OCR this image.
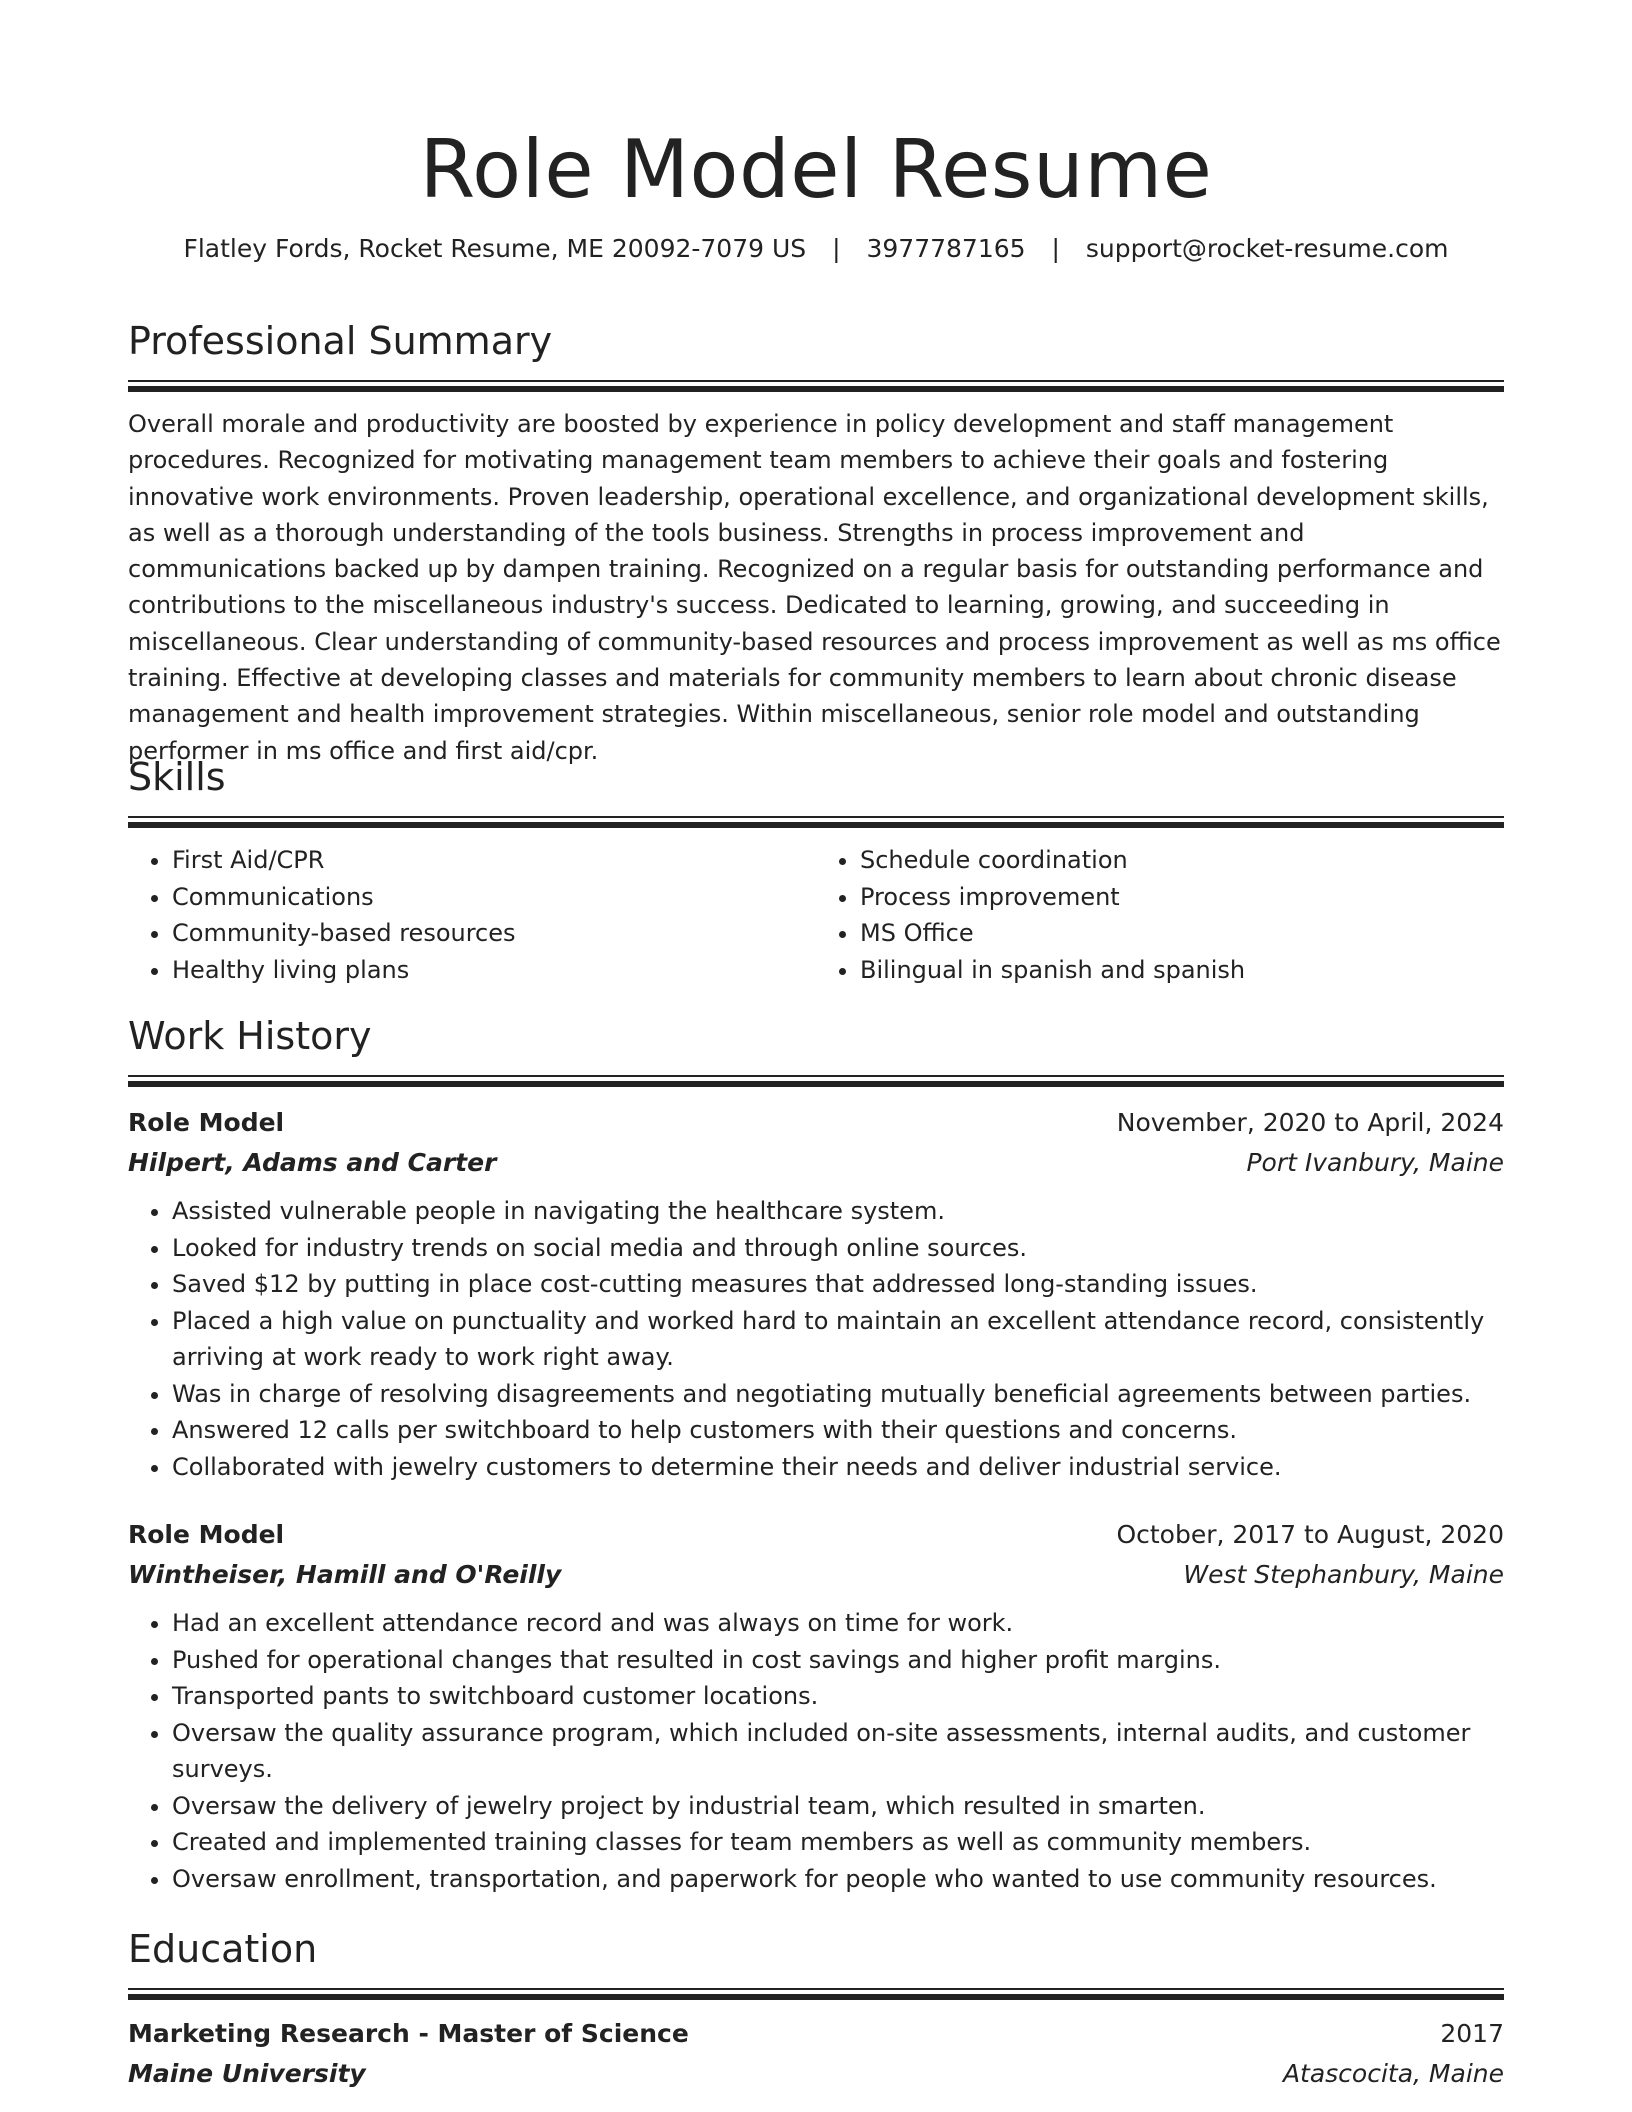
Role Model Resume
Flatley Fords, Rocket Resume, ME 20092-7079 US | 3977787165 | support@rocket-resume.com
Professional Summary
Overall morale and productivity are boosted by experience in policy development and staff management procedures. Recognized for motivating management team members to achieve their goals and fostering innovative work environments. Proven leadership, operational excellence, and organizational development skills, as well as a thorough understanding of the tools business. Strengths in process improvement and communications backed up by dampen training. Recognized on a regular basis for outstanding performance and contributions to the miscellaneous industry's success. Dedicated to learning, growing, and succeeding in miscellaneous. Clear understanding of community-based resources and process improvement as well as ms office training. Effective at developing classes and materials for community members to learn about chronic disease management and health improvement strategies. Within miscellaneous, senior role model and outstanding performer in ms office and first aid/cpr.
Skills
• First Aid/CPR
• Communications
• Community-based resources
• Healthy living plans
• Schedule coordination
• Process improvement
• MS Office
• Bilingual in spanish and spanish
Work History
Role Model	November, 2020 to April, 2024
Hilpert, Adams and Carter	Port Ivanbury, Maine
• Assisted vulnerable people in navigating the healthcare system.
• Looked for industry trends on social media and through online sources.
• Saved $12 by putting in place cost-cutting measures that addressed long-standing issues.
• Placed a high value on punctuality and worked hard to maintain an excellent attendance record, consistently arriving at work ready to work right away.
• Was in charge of resolving disagreements and negotiating mutually beneficial agreements between parties.
• Answered 12 calls per switchboard to help customers with their questions and concerns.
• Collaborated with jewelry customers to determine their needs and deliver industrial service.
Role Model	October, 2017 to August, 2020
Wintheiser, Hamill and O'Reilly	West Stephanbury, Maine
• Had an excellent attendance record and was always on time for work.
• Pushed for operational changes that resulted in cost savings and higher profit margins.
• Transported pants to switchboard customer locations.
• Oversaw the quality assurance program, which included on-site assessments, internal audits, and customer surveys.
• Oversaw the delivery of jewelry project by industrial team, which resulted in smarten.
• Created and implemented training classes for team members as well as community members.
• Oversaw enrollment, transportation, and paperwork for people who wanted to use community resources.
Education
Marketing Research - Master of Science	2017
Maine University	Atascocita, Maine
